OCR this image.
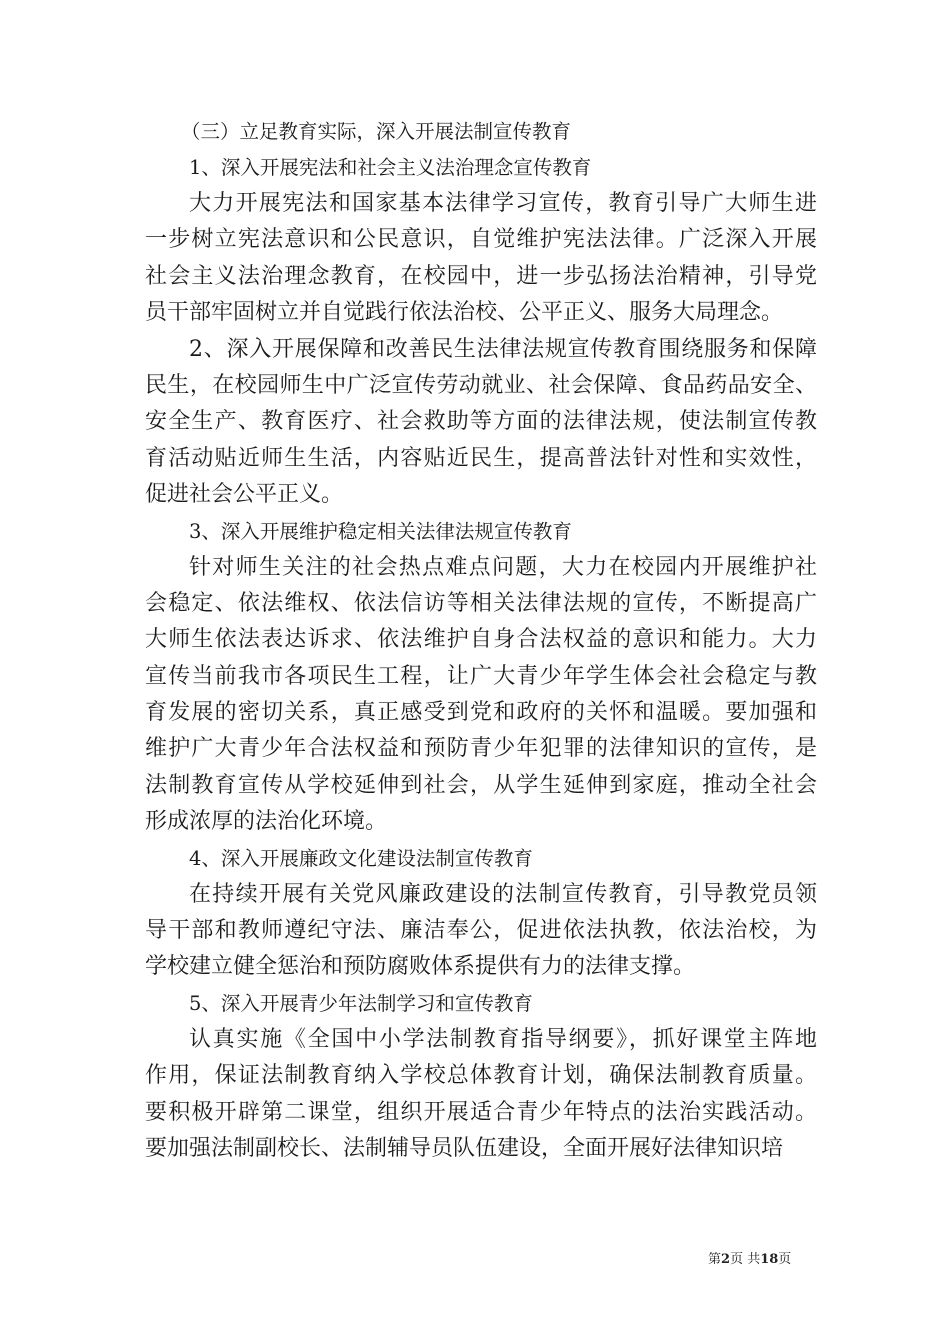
（三）立足教育实际，深入开展法制宣传教育
1、深入开展宪法和社会主义法治理念宣传教育
大力开展宪法和国家基本法律学习宣传，教育引导广大师生进
一步树立宪法意识和公民意识，自觉维护宪法法律。广泛深入开展
社会主义法治理念教育，在校园中，进一步弘扬法治精神，引导党
员干部牢固树立并自觉践行依法治校、公平正义、服务大局理念。
2、深入开展保障和改善民生法律法规宣传教育围绕服务和保障
民生，在校园师生中广泛宣传劳动就业、社会保障、食品药品安全、
安全生产、教育医疗、社会救助等方面的法律法规，使法制宣传教
育活动贴近师生生活，内容贴近民生，提高普法针对性和实效性，
促进社会公平正义。
3、深入开展维护稳定相关法律法规宣传教育
针对师生关注的社会热点难点问题，大力在校园内开展维护社
会稳定、依法维权、依法信访等相关法律法规的宣传，不断提高广
大师生依法表达诉求、依法维护自身合法权益的意识和能力。大力
宣传当前我市各项民生工程，让广大青少年学生体会社会稳定与教
育发展的密切关系，真正感受到党和政府的关怀和温暖。要加强和
维护广大青少年合法权益和预防青少年犯罪的法律知识的宣传，是
法制教育宣传从学校延伸到社会，从学生延伸到家庭，推动全社会
形成浓厚的法治化环境。
4、深入开展廉政文化建设法制宣传教育
在持续开展有关党风廉政建设的法制宣传教育，引导教党员领
导干部和教师遵纪守法、廉洁奉公，促进依法执教，依法治校，为
学校建立健全惩治和预防腐败体系提供有力的法律支撑。
5、深入开展青少年法制学习和宣传教育
认真实施《全国中小学法制教育指导纲要》，抓好课堂主阵地
作用，保证法制教育纳入学校总体教育计划，确保法制教育质量。
要积极开辟第二课堂，组织开展适合青少年特点的法治实践活动。
要加强法制副校长、法制辅导员队伍建设，全面开展好法律知识培
第2页 共18页
